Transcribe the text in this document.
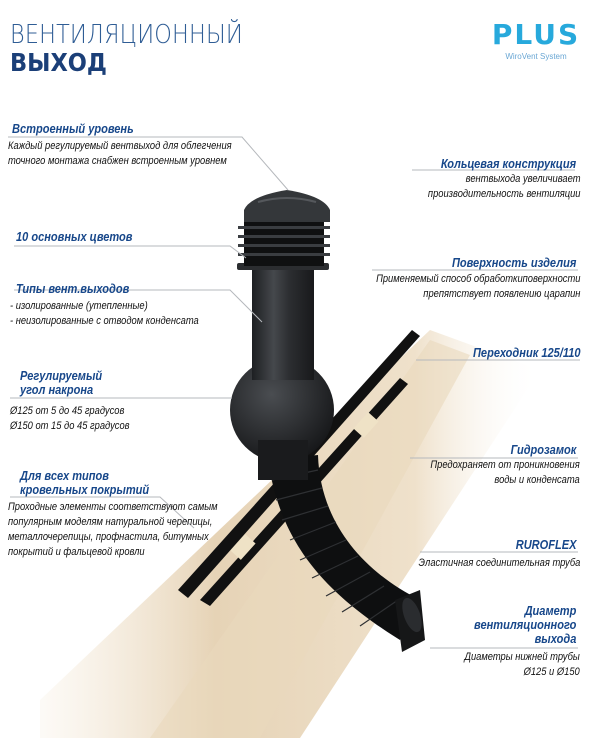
ВЕНТИЛЯЦИОННЫЙ
ВЫХОД
PLUS
WiroVent System
Встроенный уровень
Каждый регулируемый вентвыход для облегчения
точного монтажа снабжен встроенным уровнем
10 основных цветов
Типы вент.выходов
- изолированные (утепленные)
- неизолированные с отводом конденсата
Регулируемый
угол накрона
Ø125 от 5 до 45 градусов
Ø150 от 15 до 45 градусов
Для всех типов
кровельных покрытий
Проходные элементы соответствуют самым
популярным моделям натуральной черепицы,
металлочерепицы, профнастила, битумных
покрытий и фальцевой кровли
Кольцевая конструкция
вентвыхода увеличивает
производительность вентиляции
Поверхность изделия
Применяемый способ обработкиповерхности
препятствует появлению царапин
Переходник 125/110
Гидрозамок
Предохраняет от проникновения
воды и конденсата
RUROFLEX
Эластичная соединительная труба
Диаметр
вентиляционного
выхода
Диаметры нижней трубы
Ø125 и Ø150
